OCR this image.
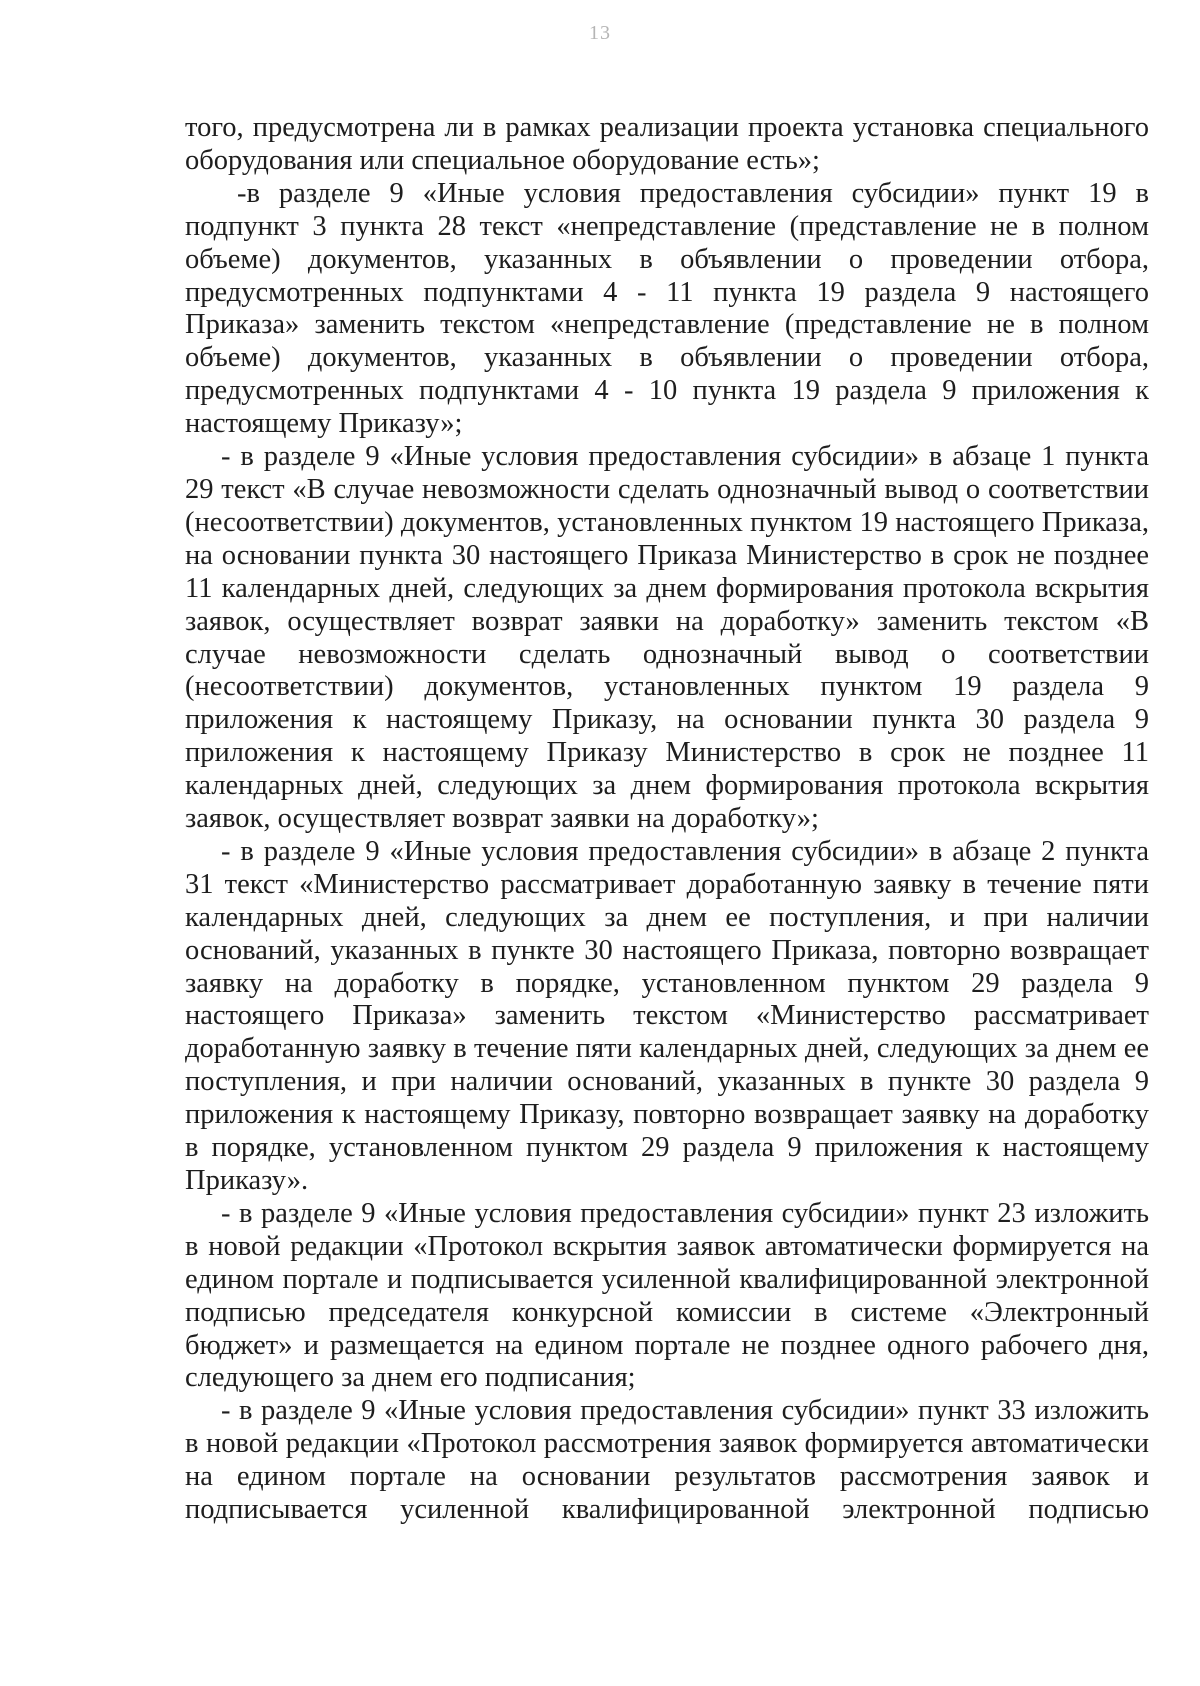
13

того, предусмотрена ли в рамках реализации проекта установка специального оборудования или специальное оборудование есть»;

-в разделе 9 «Иные условия предоставления субсидии» пункт 19 в подпункт 3 пункта 28 текст «непредставление (представление не в полном объеме) документов, указанных в объявлении о проведении отбора, предусмотренных подпунктами 4 - 11 пункта 19 раздела 9 настоящего Приказа» заменить текстом «непредставление (представление не в полном объеме) документов, указанных в объявлении о проведении отбора, предусмотренных подпунктами 4 - 10 пункта 19 раздела 9 приложения к настоящему Приказу»;

- в разделе 9 «Иные условия предоставления субсидии» в абзаце 1 пункта 29 текст «В случае невозможности сделать однозначный вывод о соответствии (несоответствии) документов, установленных пунктом 19 настоящего Приказа, на основании пункта 30 настоящего Приказа Министерство в срок не позднее 11 календарных дней, следующих за днем формирования протокола вскрытия заявок, осуществляет возврат заявки на доработку» заменить текстом «В случае невозможности сделать однозначный вывод о соответствии (несоответствии) документов, установленных пунктом 19 раздела 9 приложения к настоящему Приказу, на основании пункта 30 раздела 9 приложения к настоящему Приказу Министерство в срок не позднее 11 календарных дней, следующих за днем формирования протокола вскрытия заявок, осуществляет возврат заявки на доработку»;

- в разделе 9 «Иные условия предоставления субсидии» в абзаце 2 пункта 31 текст «Министерство рассматривает доработанную заявку в течение пяти календарных дней, следующих за днем ее поступления, и при наличии оснований, указанных в пункте 30 настоящего Приказа, повторно возвращает заявку на доработку в порядке, установленном пунктом 29 раздела 9 настоящего Приказа» заменить текстом «Министерство рассматривает доработанную заявку в течение пяти календарных дней, следующих за днем ее поступления, и при наличии оснований, указанных в пункте 30 раздела 9 приложения к настоящему Приказу, повторно возвращает заявку на доработку в порядке, установленном пунктом 29 раздела 9 приложения к настоящему Приказу».

- в разделе 9 «Иные условия предоставления субсидии» пункт 23 изложить в новой редакции «Протокол вскрытия заявок автоматически формируется на едином портале и подписывается усиленной квалифицированной электронной подписью председателя конкурсной комиссии в системе «Электронный бюджет» и размещается на едином портале не позднее одного рабочего дня, следующего за днем его подписания;

- в разделе 9 «Иные условия предоставления субсидии» пункт 33 изложить в новой редакции «Протокол рассмотрения заявок формируется автоматически на едином портале на основании результатов рассмотрения заявок и подписывается усиленной квалифицированной электронной подписью
